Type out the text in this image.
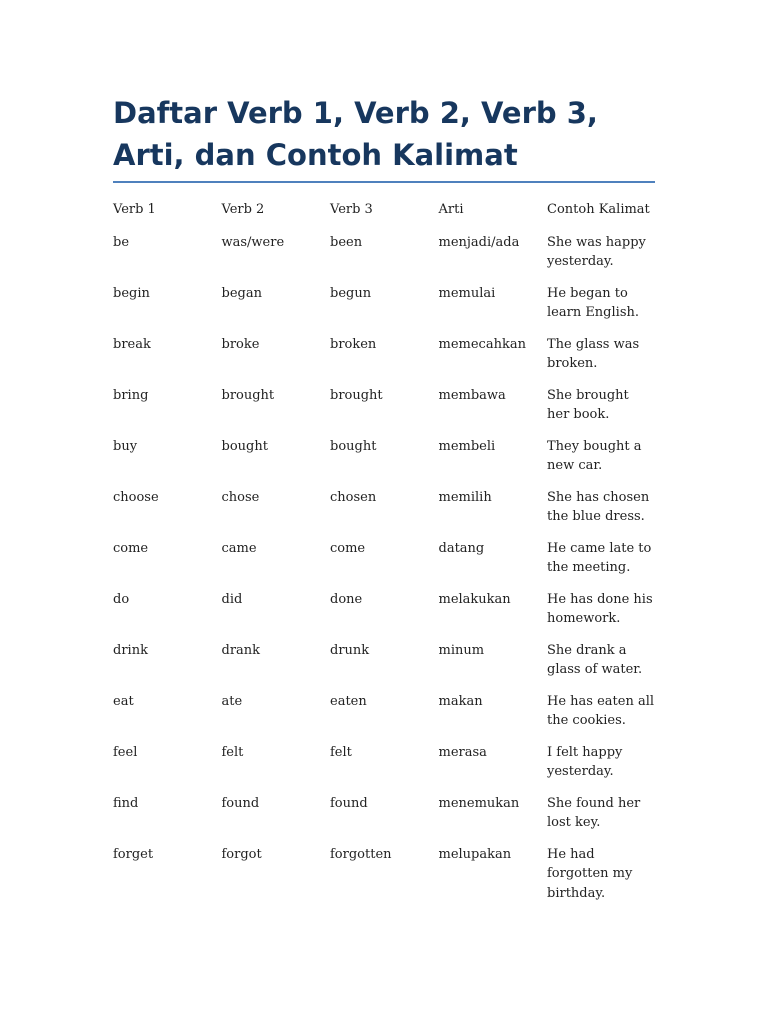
Daftar Verb 1, Verb 2, Verb 3, Arti, dan Contoh Kalimat
Verb 1	Verb 2	Verb 3	Arti	Contoh Kalimat
be	was/were	been	menjadi/ada	She was happy yesterday.
begin	began	begun	memulai	He began to learn English.
break	broke	broken	memecahkan	The glass was broken.
bring	brought	brought	membawa	She brought her book.
buy	bought	bought	membeli	They bought a new car.
choose	chose	chosen	memilih	She has chosen the blue dress.
come	came	come	datang	He came late to the meeting.
do	did	done	melakukan	He has done his homework.
drink	drank	drunk	minum	She drank a glass of water.
eat	ate	eaten	makan	He has eaten all the cookies.
feel	felt	felt	merasa	I felt happy yesterday.
find	found	found	menemukan	She found her lost key.
forget	forgot	forgotten	melupakan	He had forgotten my birthday.
